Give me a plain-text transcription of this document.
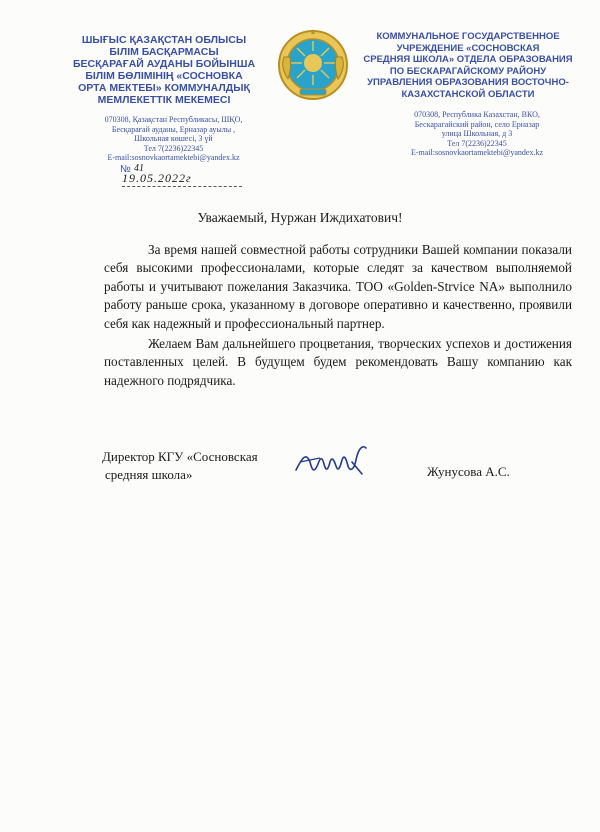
ШЫҒЫС ҚАЗАҚСТАН ОБЛЫСЫ
БІЛІМ БАСҚАРМАСЫ
БЕСҚАРАҒАЙ АУДАНЫ БОЙЫНША
БІЛІМ БӨЛІМІНІҢ «СОСНОВКА
ОРТА МЕКТЕБІ» КОММУНАЛДЫҚ
МЕМЛЕКЕТТІК МЕКЕМЕСІ
070308, Қазақстан Республикасы, ШҚО,
Бесқарағай ауданы, Ерназар ауылы ,
Школьная көшесі, 3 үй
Тел 7(2236)22345
E-mail:sosnovkaortamektebi@yandex.kz
КОММУНАЛЬНОЕ ГОСУДАРСТВЕННОЕ
УЧРЕЖДЕНИЕ «СОСНОВСКАЯ
СРЕДНЯЯ ШКОЛА» ОТДЕЛА ОБРАЗОВАНИЯ
ПО БЕСКАРАГАЙСКОМУ РАЙОНУ
УПРАВЛЕНИЯ ОБРАЗОВАНИЯ ВОСТОЧНО-
КАЗАХСТАНСКОЙ ОБЛАСТИ
070308, Республика Казахстан, ВКО,
Бескарагайский район, село Ерназар
улица Школьная, д 3
Тел 7(2236)22345
E-mail:sosnovkaortamektebi@yandex.kz
№ 41
19.05.2022г
Уважаемый, Нуржан Иждихатович!

За время нашей совместной работы сотрудники Вашей компании показали себя высокими профессионалами, которые следят за качеством выполняемой работы и учитывают пожелания Заказчика. ТОО «Golden-Strvice NA» выполнило работу раньше срока, указанному в договоре оперативно и качественно, проявили себя как надежный и профессиональный партнер.

Желаем Вам дальнейшего процветания, творческих успехов и достижения поставленных целей. В будущем будем рекомендовать Вашу компанию как надежного подрядчика.

Директор КГУ «Сосновская
средняя школа»	Жунусова А.С.
